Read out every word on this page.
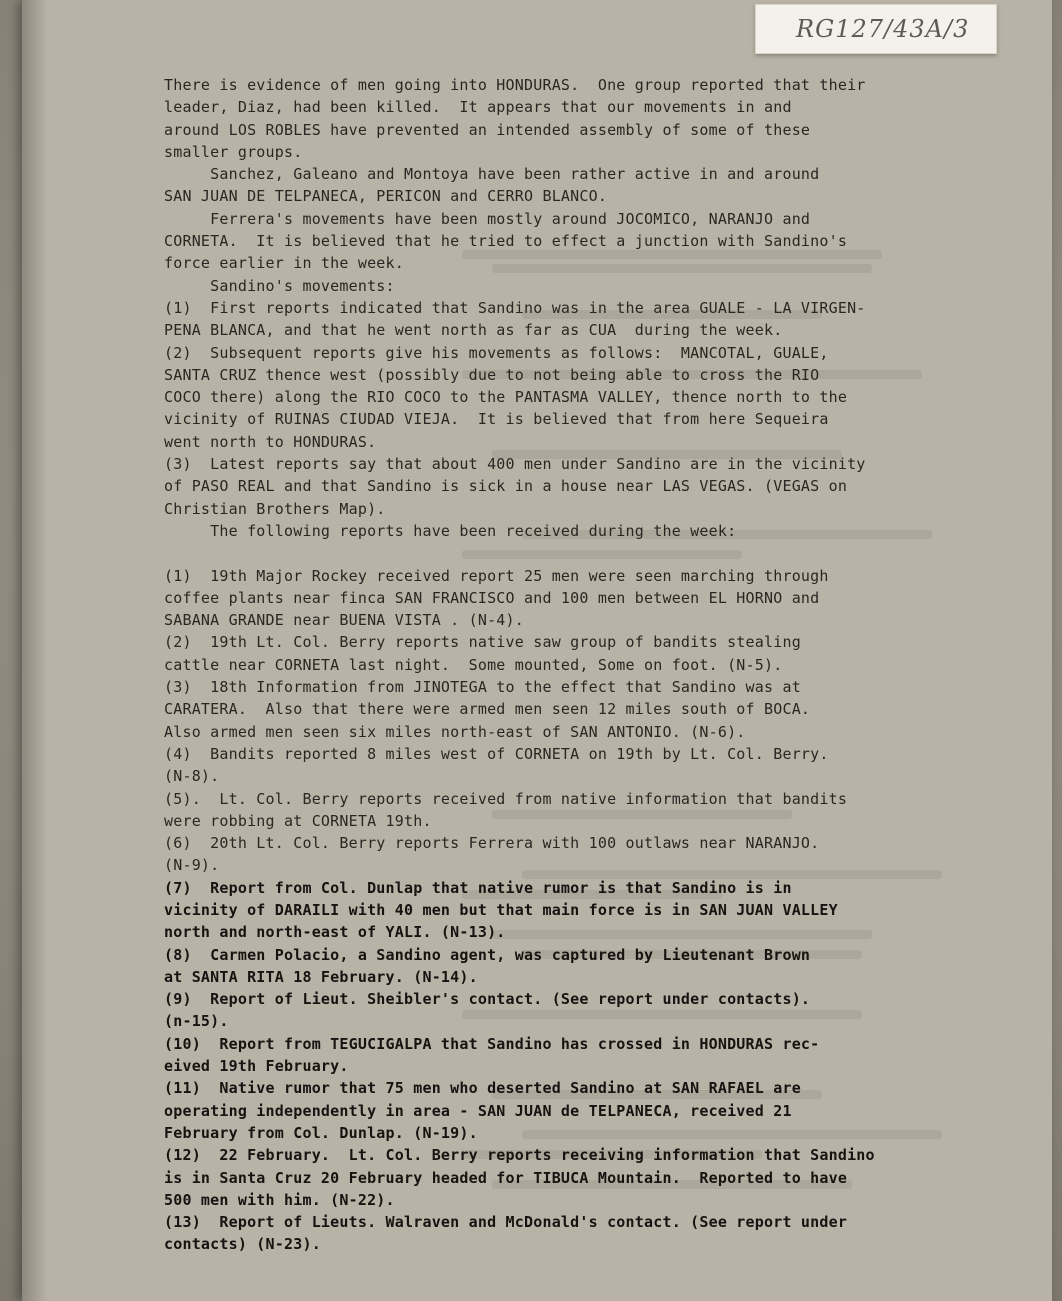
RG127/43A/3
There is evidence of men going into HONDURAS.  One group reported that their
leader, Diaz, had been killed.  It appears that our movements in and
around LOS ROBLES have prevented an intended assembly of some of these
smaller groups.
Sanchez, Galeano and Montoya have been rather active in and around
SAN JUAN DE TELPANECA, PERICON and CERRO BLANCO.
Ferrera's movements have been mostly around JOCOMICO, NARANJO and
CORNETA.  It is believed that he tried to effect a junction with Sandino's
force earlier in the week.
Sandino's movements:
(1)  First reports indicated that Sandino was in the area GUALE - LA VIRGEN-
PENA BLANCA, and that he went north as far as CUA  during the week.
(2)  Subsequent reports give his movements as follows:  MANCOTAL, GUALE,
SANTA CRUZ thence west (possibly due to not being able to cross the RIO
COCO there) along the RIO COCO to the PANTASMA VALLEY, thence north to the
vicinity of RUINAS CIUDAD VIEJA.  It is believed that from here Sequeira
went north to HONDURAS.
(3)  Latest reports say that about 400 men under Sandino are in the vicinity
of PASO REAL and that Sandino is sick in a house near LAS VEGAS. (VEGAS on
Christian Brothers Map).
The following reports have been received during the week:
(1)  19th Major Rockey received report 25 men were seen marching through
coffee plants near finca SAN FRANCISCO and 100 men between EL HORNO and
SABANA GRANDE near BUENA VISTA . (N-4).
(2)  19th Lt. Col. Berry reports native saw group of bandits stealing
cattle near CORNETA last night.  Some mounted, Some on foot. (N-5).
(3)  18th Information from JINOTEGA to the effect that Sandino was at
CARATERA.  Also that there were armed men seen 12 miles south of BOCA.
Also armed men seen six miles north-east of SAN ANTONIO. (N-6).
(4)  Bandits reported 8 miles west of CORNETA on 19th by Lt. Col. Berry.
(N-8).
(5).  Lt. Col. Berry reports received from native information that bandits
were robbing at CORNETA 19th.
(6)  20th Lt. Col. Berry reports Ferrera with 100 outlaws near NARANJO.
(N-9).
(7)  Report from Col. Dunlap that native rumor is that Sandino is in
vicinity of DARAILI with 40 men but that main force is in SAN JUAN VALLEY
north and north-east of YALI. (N-13).
(8)  Carmen Polacio, a Sandino agent, was captured by Lieutenant Brown
at SANTA RITA 18 February. (N-14).
(9)  Report of Lieut. Sheibler's contact. (See report under contacts).
(n-15).
(10)  Report from TEGUCIGALPA that Sandino has crossed in HONDURAS rec-
eived 19th February.
(11)  Native rumor that 75 men who deserted Sandino at SAN RAFAEL are
operating independently in area - SAN JUAN de TELPANECA, received 21
February from Col. Dunlap. (N-19).
(12)  22 February.  Lt. Col. Berry reports receiving information that Sandino
is in Santa Cruz 20 February headed for TIBUCA Mountain.  Reported to have
500 men with him. (N-22).
(13)  Report of Lieuts. Walraven and McDonald's contact. (See report under
contacts) (N-23).
